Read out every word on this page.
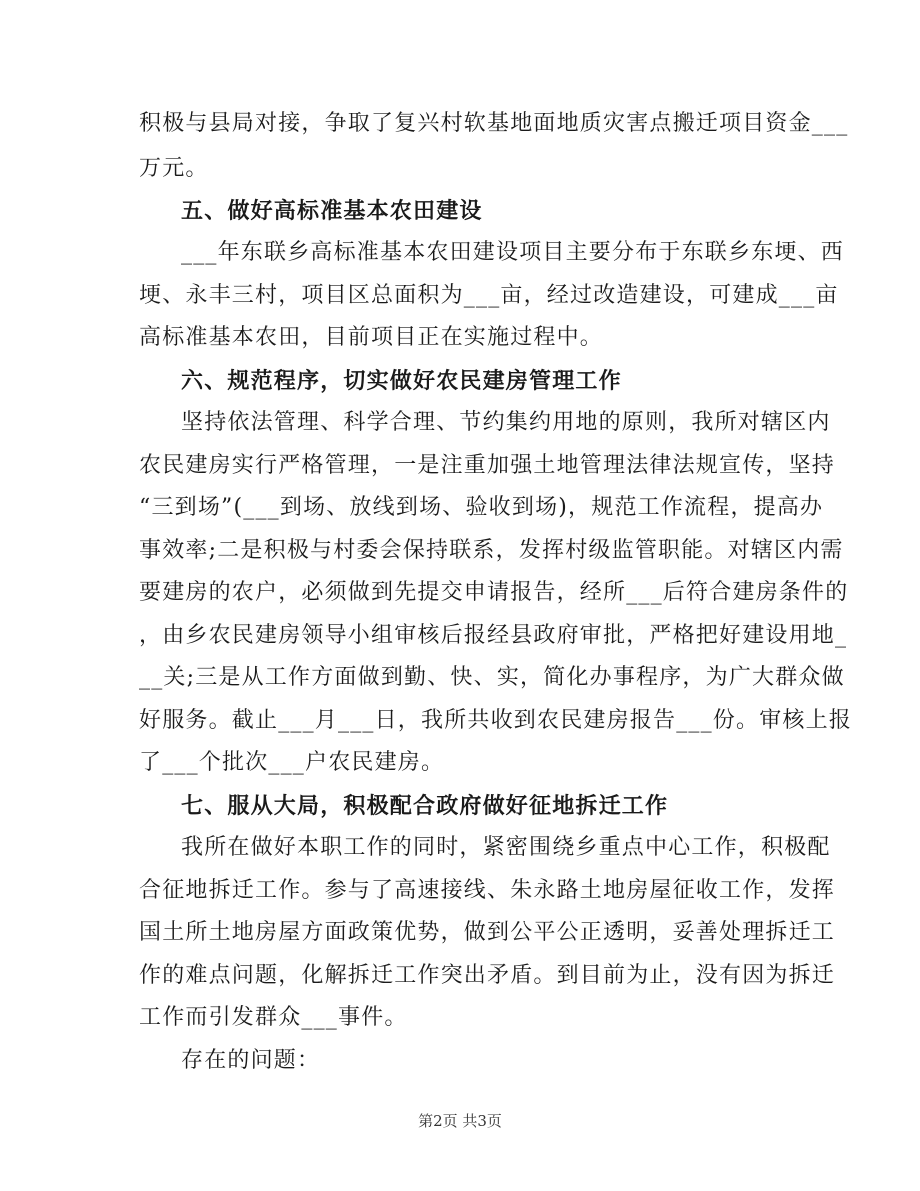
积极与县局对接，争取了复兴村软基地面地质灾害点搬迁项目资金___
万元。
五、做好高标准基本农田建设
___年东联乡高标准基本农田建设项目主要分布于东联乡东埂、西
埂、永丰三村，项目区总面积为___亩，经过改造建设，可建成___亩
高标准基本农田，目前项目正在实施过程中。
六、规范程序，切实做好农民建房管理工作
坚持依法管理、科学合理、节约集约用地的原则，我所对辖区内
农民建房实行严格管理，一是注重加强土地管理法律法规宣传，坚持
“三到场”(___到场、放线到场、验收到场)，规范工作流程，提高办
事效率;二是积极与村委会保持联系，发挥村级监管职能。对辖区内需
要建房的农户，必须做到先提交申请报告，经所___后符合建房条件的
，由乡农民建房领导小组审核后报经县政府审批，严格把好建设用地_
__关;三是从工作方面做到勤、快、实，简化办事程序，为广大群众做
好服务。截止___月___日，我所共收到农民建房报告___份。审核上报
了___个批次___户农民建房。
七、服从大局，积极配合政府做好征地拆迁工作
我所在做好本职工作的同时，紧密围绕乡重点中心工作，积极配
合征地拆迁工作。参与了高速接线、朱永路土地房屋征收工作，发挥
国土所土地房屋方面政策优势，做到公平公正透明，妥善处理拆迁工
作的难点问题，化解拆迁工作突出矛盾。到目前为止，没有因为拆迁
工作而引发群众___事件。
存在的问题：
第2页 共3页
